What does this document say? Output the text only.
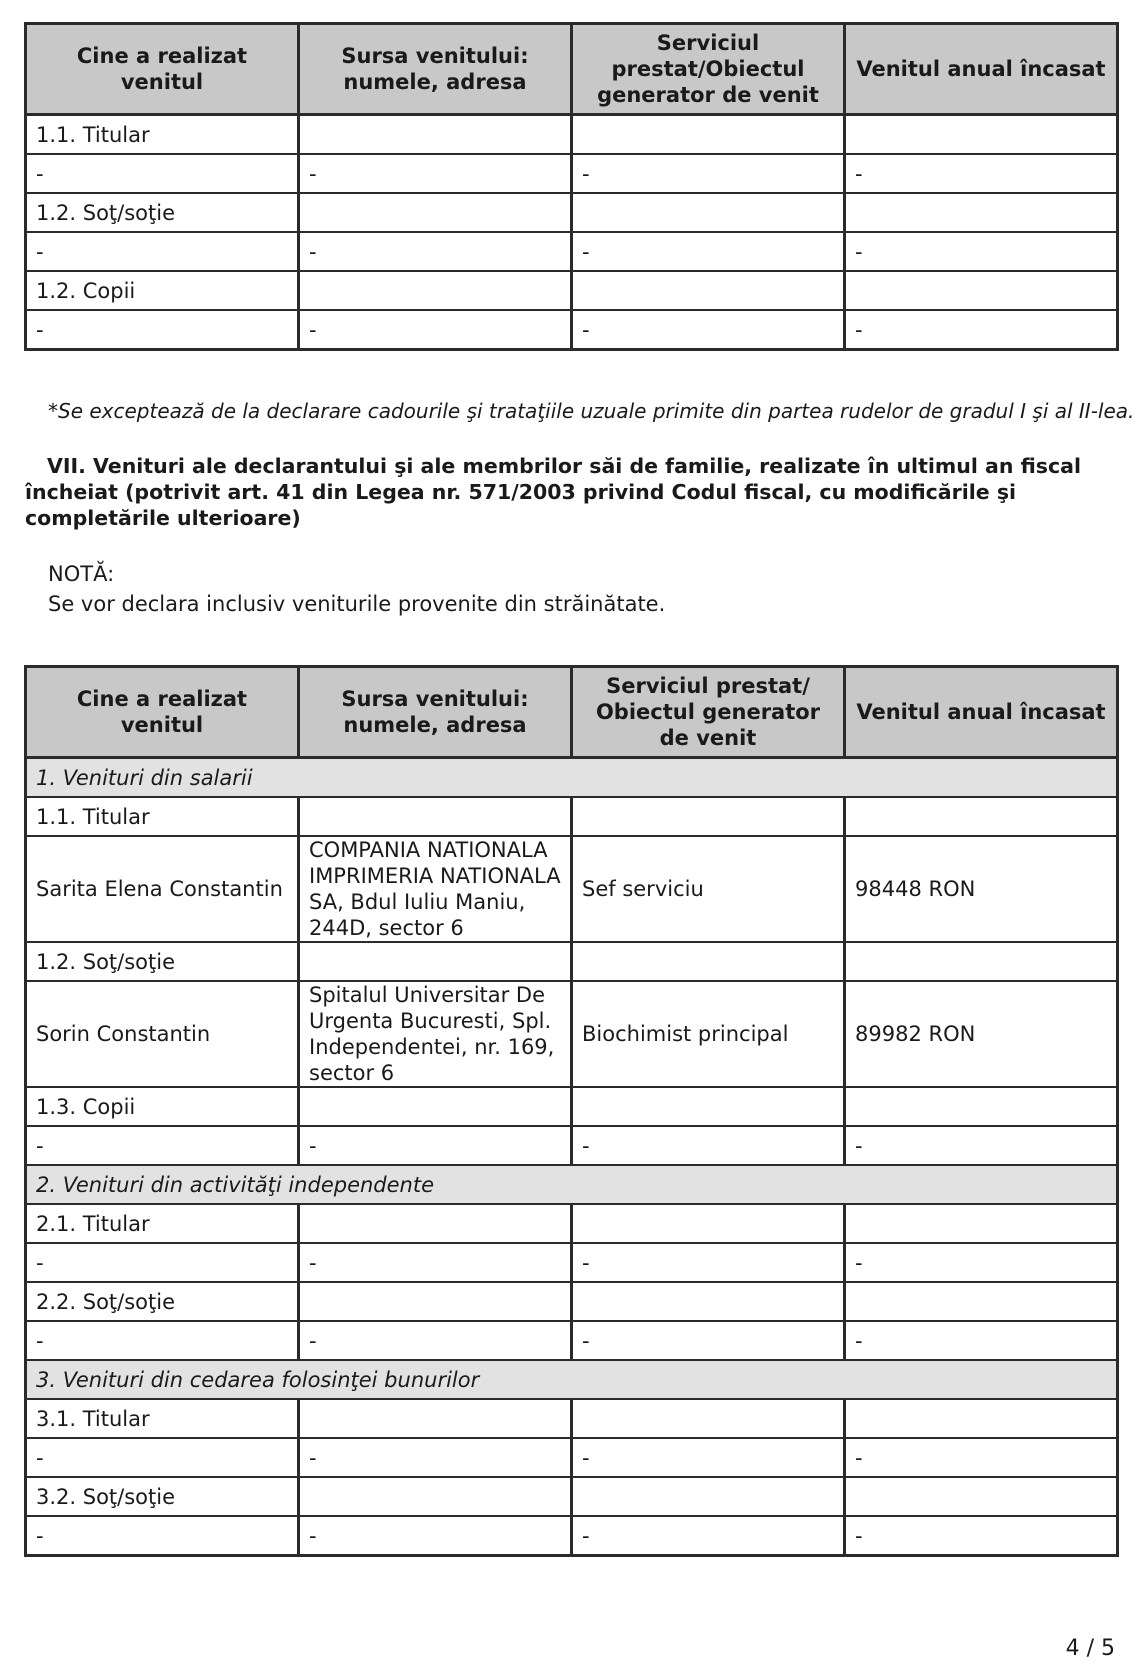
Cine a realizat venitul	Sursa venitului: numele, adresa	Serviciul prestat/Obiectul generator de venit	Venitul anual încasat
1.1. Titular			
-	-	-	-
1.2. Soţ/soţie			
-	-	-	-
1.2. Copii			
-	-	-	-
*Se exceptează de la declarare cadourile şi trataţiile uzuale primite din partea rudelor de gradul I şi al II-lea.
VII. Venituri ale declarantului şi ale membrilor săi de familie, realizate în ultimul an fiscal încheiat (potrivit art. 41 din Legea nr. 571/2003 privind Codul fiscal, cu modificările şi completările ulterioare)
NOTĂ:
Se vor declara inclusiv veniturile provenite din străinătate.
Cine a realizat venitul	Sursa venitului: numele, adresa	Serviciul prestat/ Obiectul generator de venit	Venitul anual încasat
1. Venituri din salarii			
1.1. Titular			
Sarita Elena Constantin	COMPANIA NATIONALA IMPRIMERIA NATIONALA SA, Bdul Iuliu Maniu, 244D, sector 6	Sef serviciu	98448 RON
1.2. Soţ/soţie			
Sorin Constantin	Spitalul Universitar De Urgenta Bucuresti, Spl. Independentei, nr. 169, sector 6	Biochimist principal	89982 RON
1.3. Copii			
-	-	-	-
2. Venituri din activităţi independente			
2.1. Titular			
-	-	-	-
2.2. Soţ/soţie			
-	-	-	-
3. Venituri din cedarea folosinţei bunurilor			
3.1. Titular			
-	-	-	-
3.2. Soţ/soţie			
-	-	-	-
4 / 5
